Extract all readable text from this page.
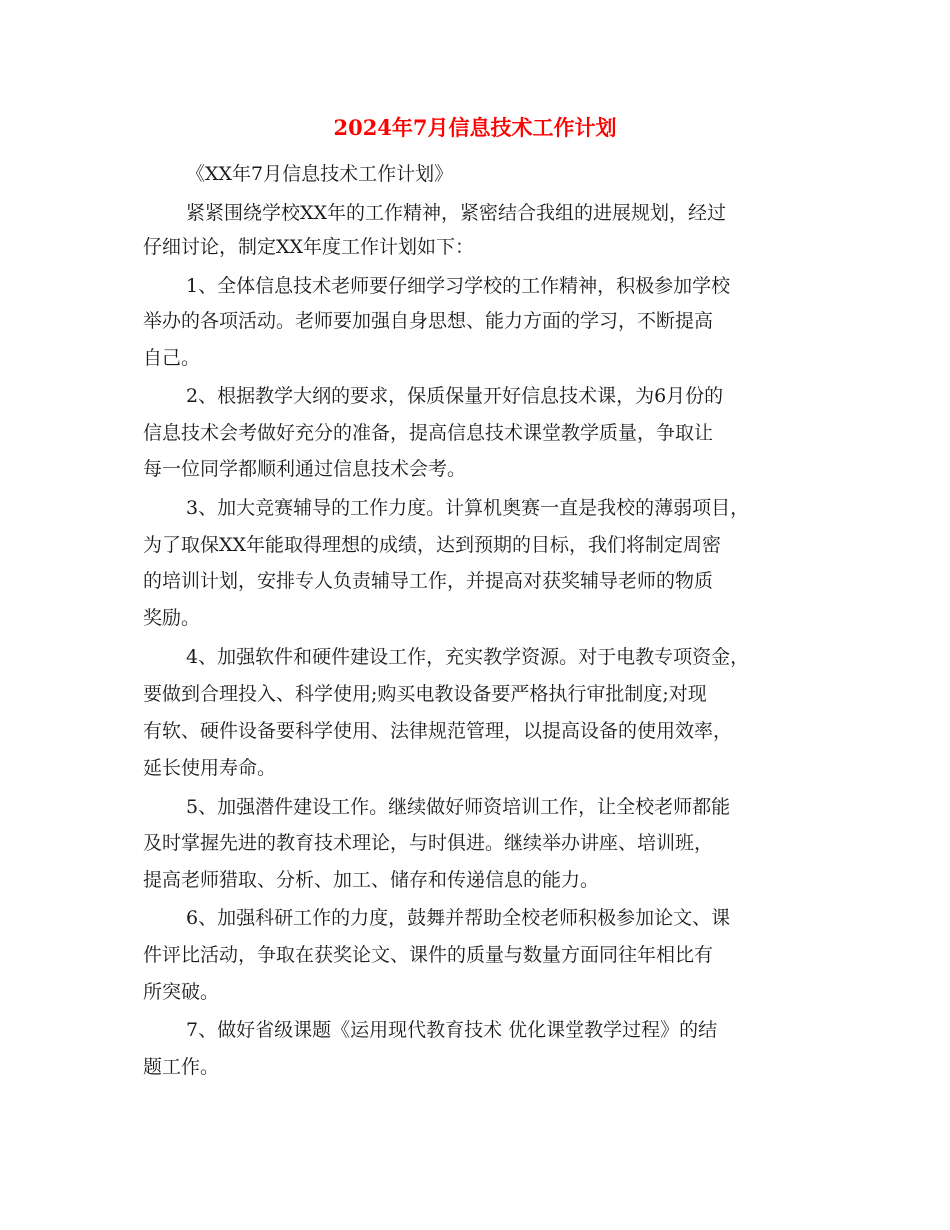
2024年7月信息技术工作计划

《XX年7月信息技术工作计划》

紧紧围绕学校XX年的工作精神，紧密结合我组的进展规划，经过

仔细讨论，制定XX年度工作计划如下：

1、全体信息技术老师要仔细学习学校的工作精神，积极参加学校

举办的各项活动。老师要加强自身思想、能力方面的学习，不断提高

自己。

2、根据教学大纲的要求，保质保量开好信息技术课，为6月份的

信息技术会考做好充分的准备，提高信息技术课堂教学质量，争取让

每一位同学都顺利通过信息技术会考。

3、加大竞赛辅导的工作力度。计算机奥赛一直是我校的薄弱项目，

为了取保XX年能取得理想的成绩，达到预期的目标，我们将制定周密

的培训计划，安排专人负责辅导工作，并提高对获奖辅导老师的物质

奖励。

4、加强软件和硬件建设工作，充实教学资源。对于电教专项资金，

要做到合理投入、科学使用;购买电教设备要严格执行审批制度;对现

有软、硬件设备要科学使用、法律规范管理，以提高设备的使用效率，

延长使用寿命。

5、加强潜件建设工作。继续做好师资培训工作，让全校老师都能

及时掌握先进的教育技术理论，与时俱进。继续举办讲座、培训班，

提高老师猎取、分析、加工、储存和传递信息的能力。

6、加强科研工作的力度，鼓舞并帮助全校老师积极参加论文、课

件评比活动，争取在获奖论文、课件的质量与数量方面同往年相比有

所突破。

7、做好省级课题《运用现代教育技术 优化课堂教学过程》的结

题工作。
